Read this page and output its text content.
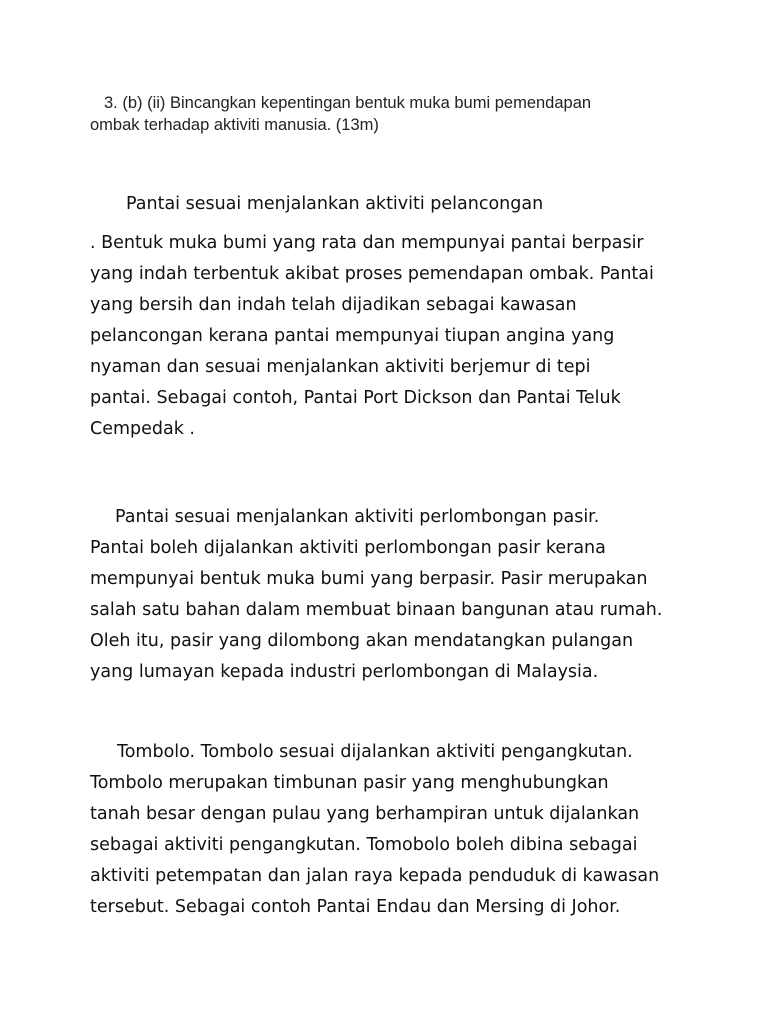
3. (b) (ii) Bincangkan kepentingan bentuk muka bumi pemendapan
ombak terhadap aktiviti manusia. (13m)
Pantai sesuai menjalankan aktiviti pelancongan
. Bentuk muka bumi yang rata dan mempunyai pantai berpasir
yang indah terbentuk akibat proses pemendapan ombak. Pantai
yang bersih dan indah telah dijadikan sebagai kawasan
pelancongan kerana pantai mempunyai tiupan angina yang
nyaman dan sesuai menjalankan aktiviti berjemur di tepi
pantai. Sebagai contoh, Pantai Port Dickson dan Pantai Teluk
Cempedak .
Pantai sesuai menjalankan aktiviti perlombongan pasir.
Pantai boleh dijalankan aktiviti perlombongan pasir kerana
mempunyai bentuk muka bumi yang berpasir. Pasir merupakan
salah satu bahan dalam membuat binaan bangunan atau rumah.
Oleh itu, pasir yang dilombong akan mendatangkan pulangan
yang lumayan kepada industri perlombongan di Malaysia.
Tombolo. Tombolo sesuai dijalankan aktiviti pengangkutan.
Tombolo merupakan timbunan pasir yang menghubungkan
tanah besar dengan pulau yang berhampiran untuk dijalankan
sebagai aktiviti pengangkutan. Tomobolo boleh dibina sebagai
aktiviti petempatan dan jalan raya kepada penduduk di kawasan
tersebut. Sebagai contoh Pantai Endau dan Mersing di Johor.
